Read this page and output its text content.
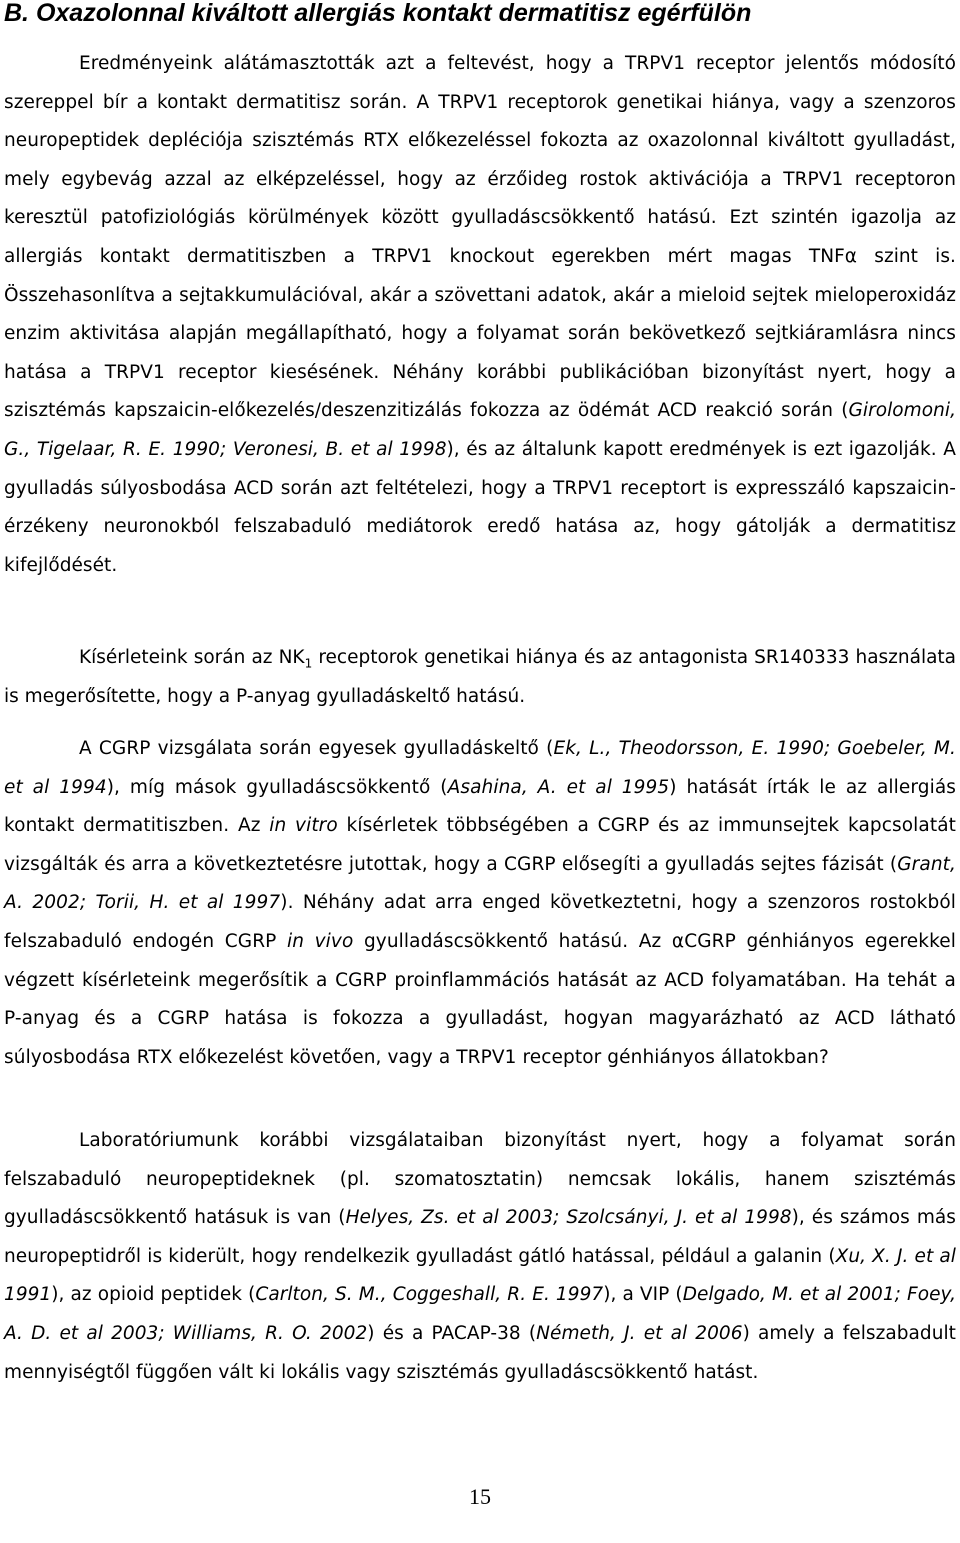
B. Oxazolonnal kiváltott allergiás kontakt dermatitisz egérfülön

Eredményeink alátámasztották azt a feltevést, hogy a TRPV1 receptor jelentős módosító szereppel bír a kontakt dermatitisz során. A TRPV1 receptorok genetikai hiánya, vagy a szenzoros neuropeptidek depléciója szisztémás RTX előkezeléssel fokozta az oxazolonnal kiváltott gyulladást, mely egybevág azzal az elképzeléssel, hogy az érzőideg rostok aktivációja a TRPV1 receptoron keresztül patofiziológiás körülmények között gyulladáscsökkentő hatású. Ezt szintén igazolja az allergiás kontakt dermatitiszben a TRPV1 knockout egerekben mért magas TNFα szint is. Összehasonlítva a sejtakkumulációval, akár a szövettani adatok, akár a mieloid sejtek mieloperoxidáz enzim aktivitása alapján megállapítható, hogy a folyamat során bekövetkező sejtkiáramlásra nincs hatása a TRPV1 receptor kiesésének. Néhány korábbi publikációban bizonyítást nyert, hogy a szisztémás kapszaicin-előkezelés/deszenzitizálás fokozza az ödémát ACD reakció során (Girolomoni, G., Tigelaar, R. E. 1990; Veronesi, B. et al 1998), és az általunk kapott eredmények is ezt igazolják. A gyulladás súlyosbodása ACD során azt feltételezi, hogy a TRPV1 receptort is expresszáló kapszaicin-érzékeny neuronokból felszabaduló mediátorok eredő hatása az, hogy gátolják a dermatitisz kifejlődését.

Kísérleteink során az $NK_1$ receptorok genetikai hiánya és az antagonista SR140333 használata is megerősítette, hogy a P-anyag gyulladáskeltő hatású.

A CGRP vizsgálata során egyesek gyulladáskeltő (Ek, L., Theodorsson, E. 1990; Goebeler, M. et al 1994), míg mások gyulladáscsökkentő (Asahina, A. et al 1995) hatását írták le az allergiás kontakt dermatitiszben. Az in vitro kísérletek többségében a CGRP és az immunsejtek kapcsolatát vizsgálták és arra a következtetésre jutottak, hogy a CGRP elősegíti a gyulladás sejtes fázisát (Grant, A. 2002; Torii, H. et al 1997). Néhány adat arra enged következtetni, hogy a szenzoros rostokból felszabaduló endogén CGRP in vivo gyulladáscsökkentő hatású. Az αCGRP génhiányos egerekkel végzett kísérleteink megerősítik a CGRP proinflammációs hatását az ACD folyamatában. Ha tehát a P-anyag és a CGRP hatása is fokozza a gyulladást, hogyan magyarázható az ACD látható súlyosbodása RTX előkezelést követően, vagy a TRPV1 receptor génhiányos állatokban?

Laboratóriumunk korábbi vizsgálataiban bizonyítást nyert, hogy a folyamat során felszabaduló neuropeptideknek (pl. szomatosztatin) nemcsak lokális, hanem szisztémás gyulladáscsökkentő hatásuk is van (Helyes, Zs. et al 2003; Szolcsányi, J. et al 1998), és számos más neuropeptidről is kiderült, hogy rendelkezik gyulladást gátló hatással, például a galanin (Xu, X. J. et al 1991), az opioid peptidek (Carlton, S. M., Coggeshall, R. E. 1997), a VIP (Delgado, M. et al 2001; Foey, A. D. et al 2003; Williams, R. O. 2002) és a PACAP-38 (Németh, J. et al 2006) amely a felszabadult mennyiségtől függően vált ki lokális vagy szisztémás gyulladáscsökkentő hatást.

15
